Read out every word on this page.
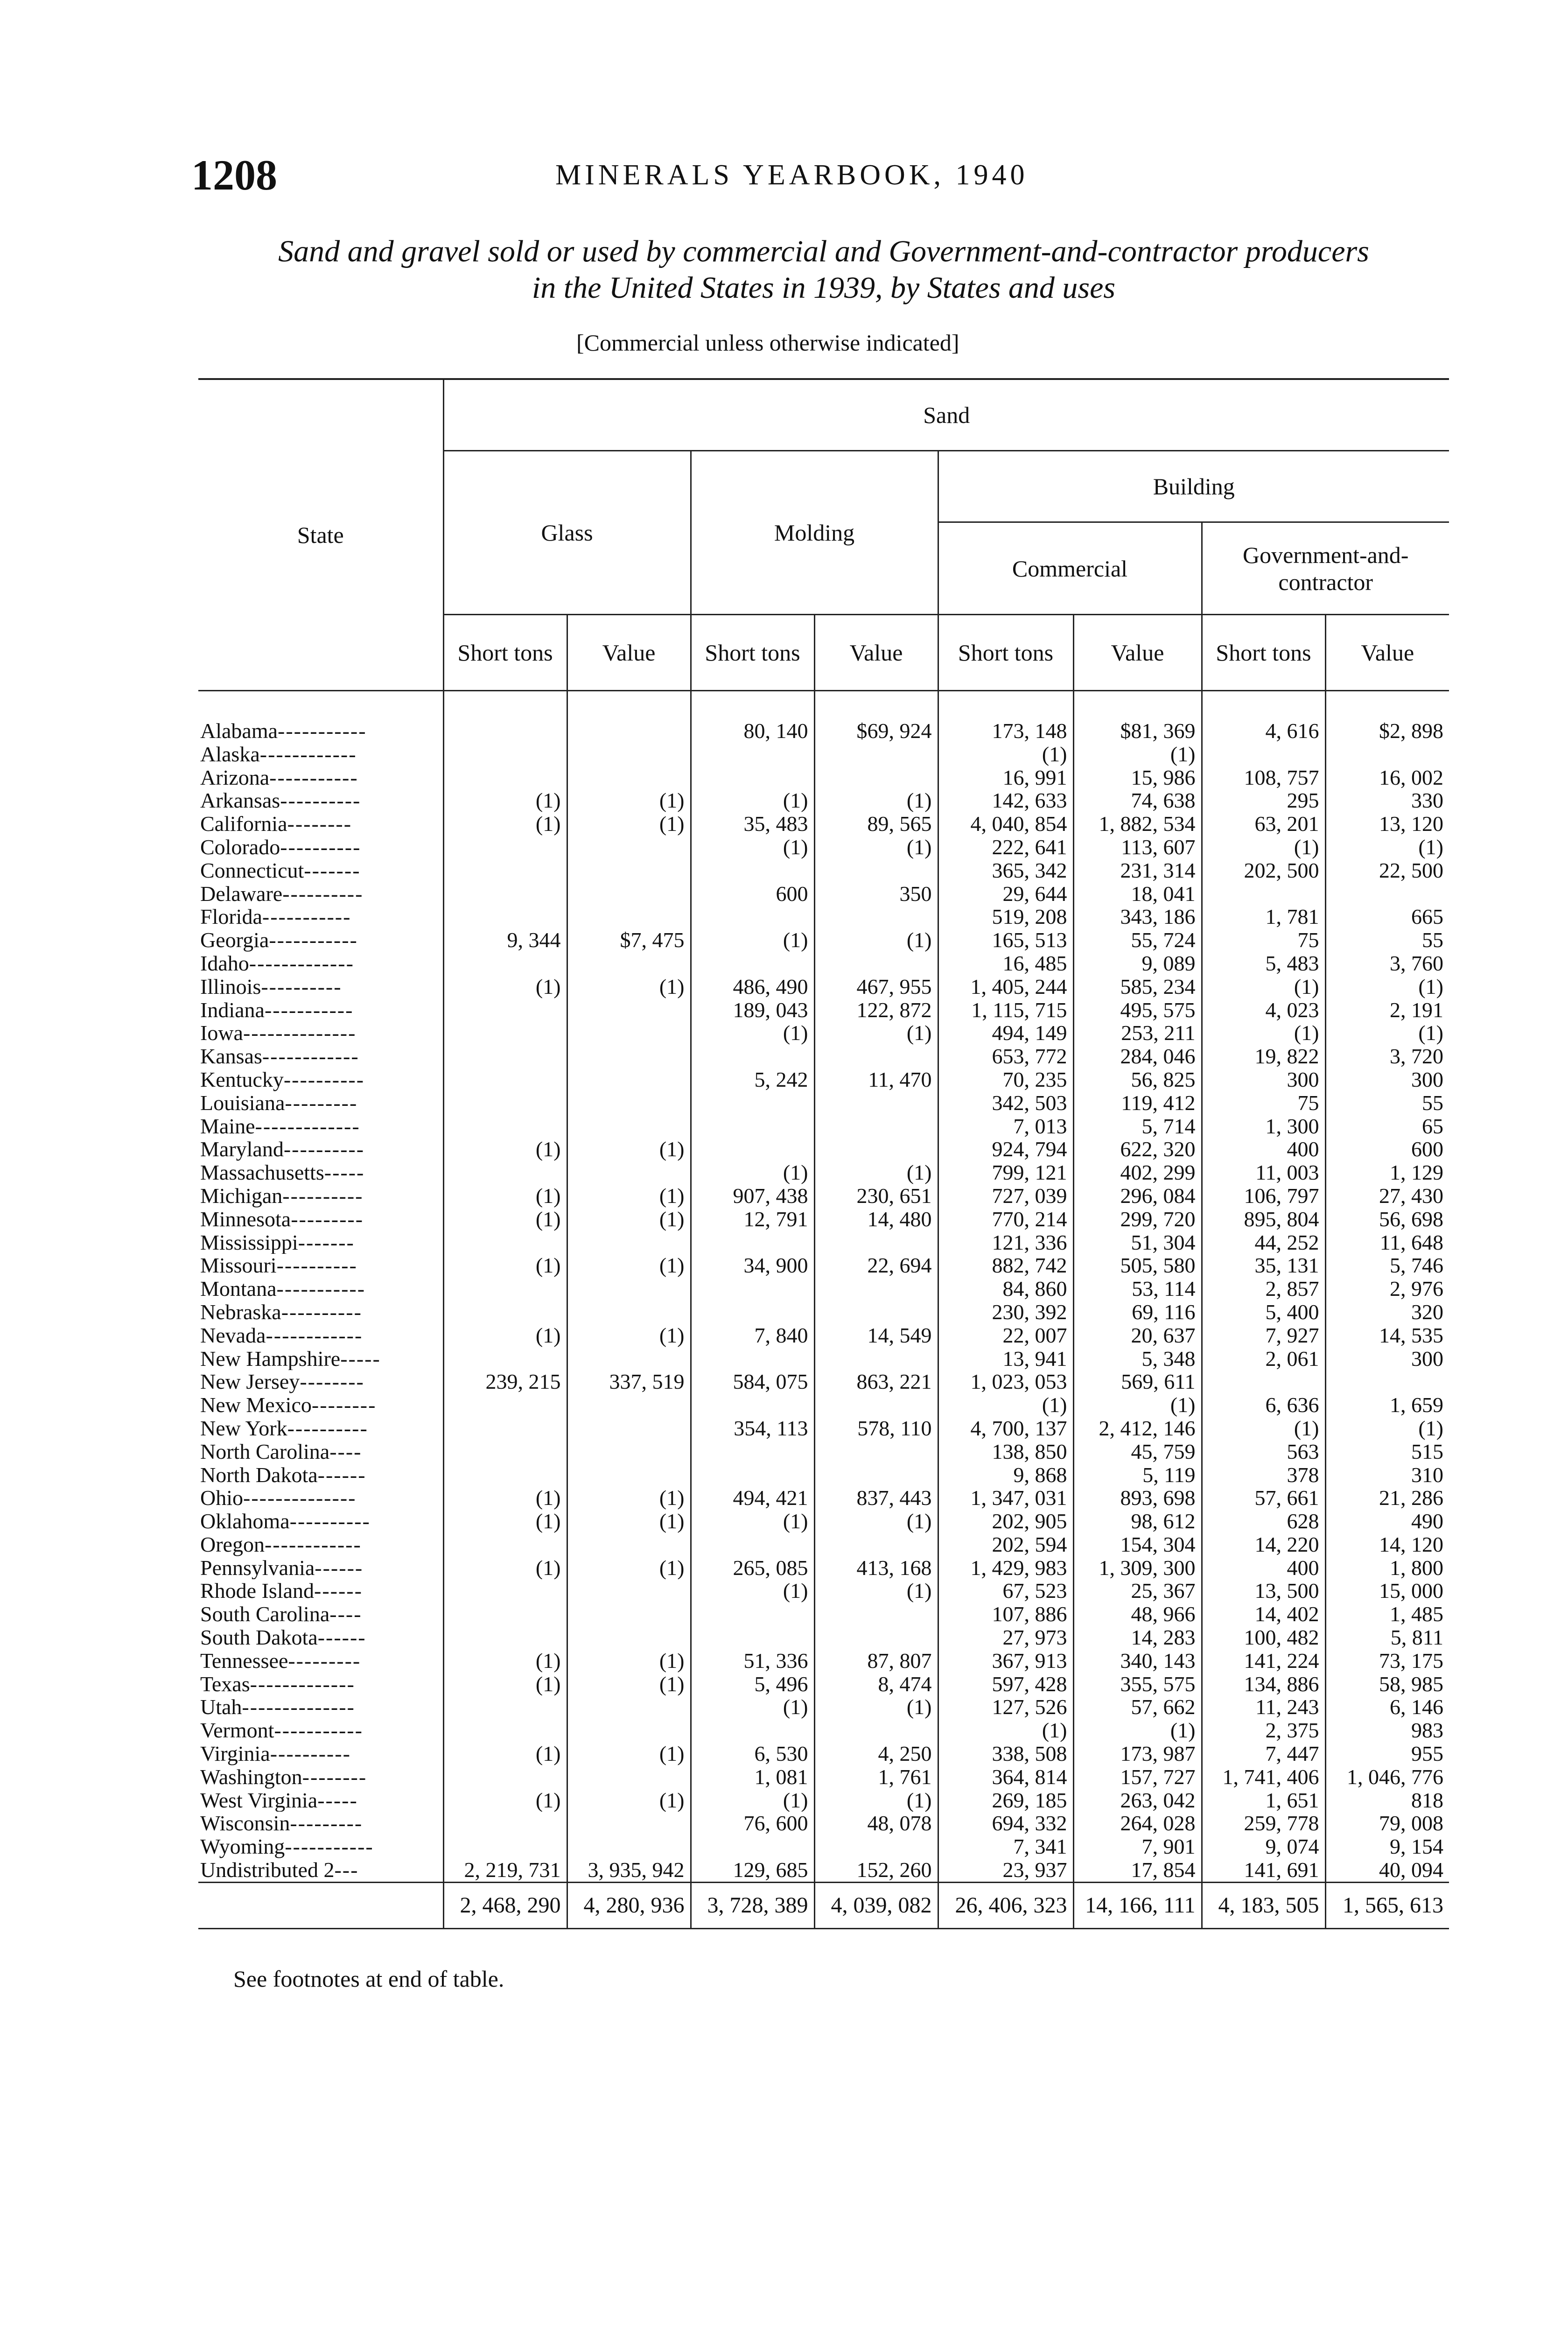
1208	MINERALS YEARBOOK, 1940
Sand and gravel sold or used by commercial and Government-and-contractor producers
in the United States in 1939, by States and uses
[Commercial unless otherwise indicated]
State	Sand							
	Glass		Molding		Building			
					Commercial		Government-and-contractor	
	Short tons	Value	Short tons	Value	Short tons	Value	Short tons	Value
Alabama-----------			80, 140	$69, 924	173, 148	$81, 369	4, 616	$2, 898
Alaska------------					(1)	(1)		
Arizona-----------					16, 991	15, 986	108, 757	16, 002
Arkansas----------	(1)	(1)	(1)	(1)	142, 633	74, 638	295	330
California--------	(1)	(1)	35, 483	89, 565	4, 040, 854	1, 882, 534	63, 201	13, 120
Colorado----------			(1)	(1)	222, 641	113, 607	(1)	(1)
Connecticut-------					365, 342	231, 314	202, 500	22, 500
Delaware----------			600	350	29, 644	18, 041		
Florida-----------					519, 208	343, 186	1, 781	665
Georgia-----------	9, 344	$7, 475	(1)	(1)	165, 513	55, 724	75	55
Idaho-------------					16, 485	9, 089	5, 483	3, 760
Illinois----------	(1)	(1)	486, 490	467, 955	1, 405, 244	585, 234	(1)	(1)
Indiana-----------			189, 043	122, 872	1, 115, 715	495, 575	4, 023	2, 191
Iowa--------------			(1)	(1)	494, 149	253, 211	(1)	(1)
Kansas------------					653, 772	284, 046	19, 822	3, 720
Kentucky----------			5, 242	11, 470	70, 235	56, 825	300	300
Louisiana---------					342, 503	119, 412	75	55
Maine-------------					7, 013	5, 714	1, 300	65
Maryland----------	(1)	(1)			924, 794	622, 320	400	600
Massachusetts-----			(1)	(1)	799, 121	402, 299	11, 003	1, 129
Michigan----------	(1)	(1)	907, 438	230, 651	727, 039	296, 084	106, 797	27, 430
Minnesota---------	(1)	(1)	12, 791	14, 480	770, 214	299, 720	895, 804	56, 698
Mississippi-------					121, 336	51, 304	44, 252	11, 648
Missouri----------	(1)	(1)	34, 900	22, 694	882, 742	505, 580	35, 131	5, 746
Montana-----------					84, 860	53, 114	2, 857	2, 976
Nebraska----------					230, 392	69, 116	5, 400	320
Nevada------------	(1)	(1)	7, 840	14, 549	22, 007	20, 637	7, 927	14, 535
New Hampshire-----					13, 941	5, 348	2, 061	300
New Jersey--------	239, 215	337, 519	584, 075	863, 221	1, 023, 053	569, 611		
New Mexico--------					(1)	(1)	6, 636	1, 659
New York----------			354, 113	578, 110	4, 700, 137	2, 412, 146	(1)	(1)
North Carolina----					138, 850	45, 759	563	515
North Dakota------					9, 868	5, 119	378	310
Ohio--------------	(1)	(1)	494, 421	837, 443	1, 347, 031	893, 698	57, 661	21, 286
Oklahoma----------	(1)	(1)	(1)	(1)	202, 905	98, 612	628	490
Oregon------------					202, 594	154, 304	14, 220	14, 120
Pennsylvania------	(1)	(1)	265, 085	413, 168	1, 429, 983	1, 309, 300	400	1, 800
Rhode Island------			(1)	(1)	67, 523	25, 367	13, 500	15, 000
South Carolina----					107, 886	48, 966	14, 402	1, 485
South Dakota------					27, 973	14, 283	100, 482	5, 811
Tennessee---------	(1)	(1)	51, 336	87, 807	367, 913	340, 143	141, 224	73, 175
Texas-------------	(1)	(1)	5, 496	8, 474	597, 428	355, 575	134, 886	58, 985
Utah--------------			(1)	(1)	127, 526	57, 662	11, 243	6, 146
Vermont-----------					(1)	(1)	2, 375	983
Virginia----------	(1)	(1)	6, 530	4, 250	338, 508	173, 987	7, 447	955
Washington--------			1, 081	1, 761	364, 814	157, 727	1, 741, 406	1, 046, 776
West Virginia-----	(1)	(1)	(1)	(1)	269, 185	263, 042	1, 651	818
Wisconsin---------			76, 600	48, 078	694, 332	264, 028	259, 778	79, 008
Wyoming-----------					7, 341	7, 901	9, 074	9, 154
Undistributed 2---	2, 219, 731	3, 935, 942	129, 685	152, 260	23, 937	17, 854	141, 691	40, 094
	2, 468, 290	4, 280, 936	3, 728, 389	4, 039, 082	26, 406, 323	14, 166, 111	4, 183, 505	1, 565, 613
See footnotes at end of table.
